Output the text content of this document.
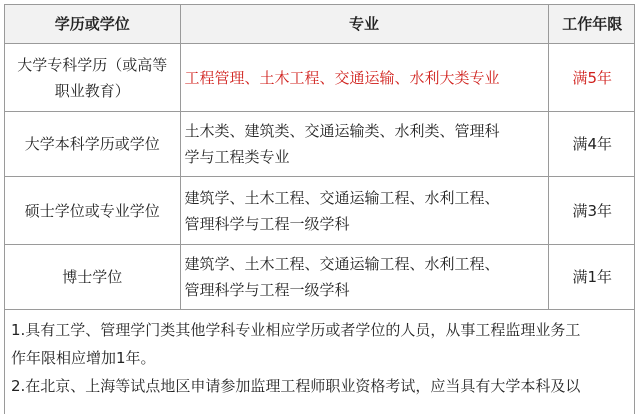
学历或学位	专业	工作年限

大学专科学历（或高等
职业教育）	工程管理、土木工程、交通运输、水利大类专业	满5年

大学本科学历或学位	土木类、建筑类、交通运输类、水利类、管理科
学与工程类专业	满4年

硕士学位或专业学位	建筑学、土木工程、交通运输工程、水利工程、
管理科学与工程一级学科	满3年

博士学位	建筑学、土木工程、交通运输工程、水利工程、
管理科学与工程一级学科	满1年

1.具有工学、管理学门类其他学科专业相应学历或者学位的人员，从事工程监理业务工

作年限相应增加1年。

2.在北京、上海等试点地区申请参加监理工程师职业资格考试，应当具有大学本科及以
